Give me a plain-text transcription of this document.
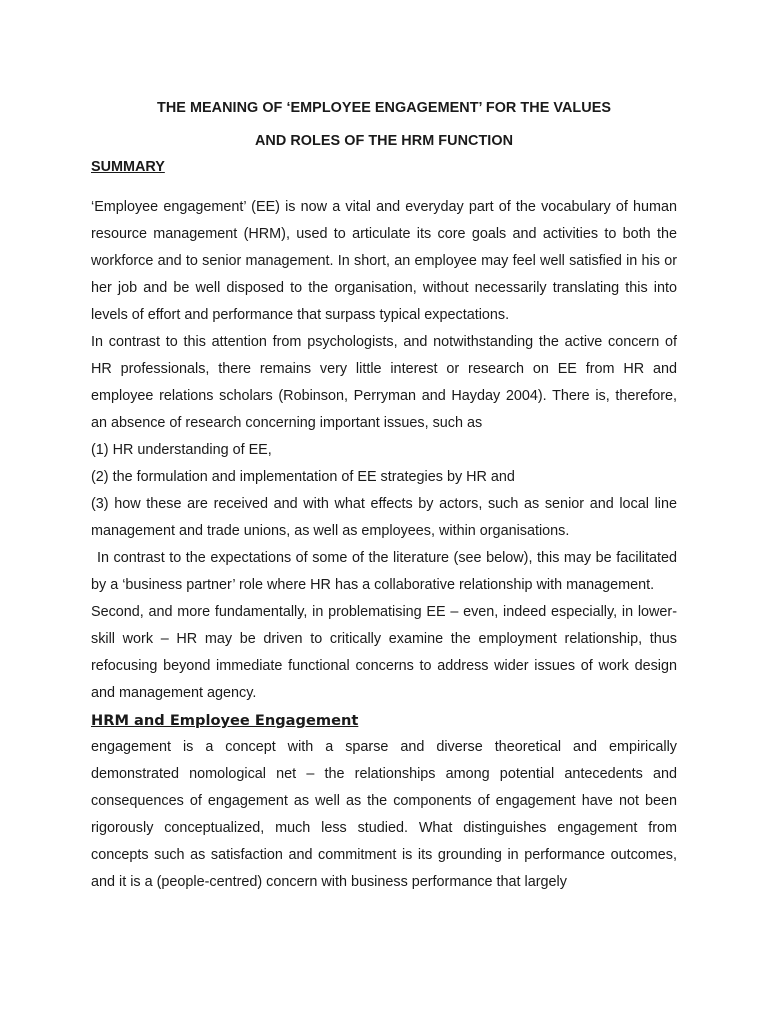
THE MEANING OF ‘EMPLOYEE ENGAGEMENT’ FOR THE VALUES

AND ROLES OF THE HRM FUNCTION

SUMMARY

‘Employee engagement’ (EE) is now a vital and everyday part of the vocabulary of human resource management (HRM), used to articulate its core goals and activities to both the workforce and to senior management. In short, an employee may feel well satisfied in his or her job and be well disposed to the organisation, without necessarily translating this into levels of effort and performance that surpass typical expectations.

In contrast to this attention from psychologists, and notwithstanding the active concern of HR professionals, there remains very little interest or research on EE from HR and employee relations scholars (Robinson, Perryman and Hayday 2004). There is, therefore, an absence of research concerning important issues, such as

(1) HR understanding of EE,

(2) the formulation and implementation of EE strategies by HR and

(3) how these are received and with what effects by actors, such as senior and local line management and trade unions, as well as employees, within organisations.

In contrast to the expectations of some of the literature (see below), this may be facilitated by a ‘business partner’ role where HR has a collaborative relationship with management.

Second, and more fundamentally, in problematising EE – even, indeed especially, in lower-skill work – HR may be driven to critically examine the employment relationship, thus refocusing beyond immediate functional concerns to address wider issues of work design and management agency.

HRM and Employee Engagement

engagement is a concept with a sparse and diverse theoretical and empirically demonstrated nomological net – the relationships among potential antecedents and consequences of engagement as well as the components of engagement have not been rigorously conceptualized, much less studied. What distinguishes engagement from concepts such as satisfaction and commitment is its grounding in performance outcomes, and it is a (people-centred) concern with business performance that largely
